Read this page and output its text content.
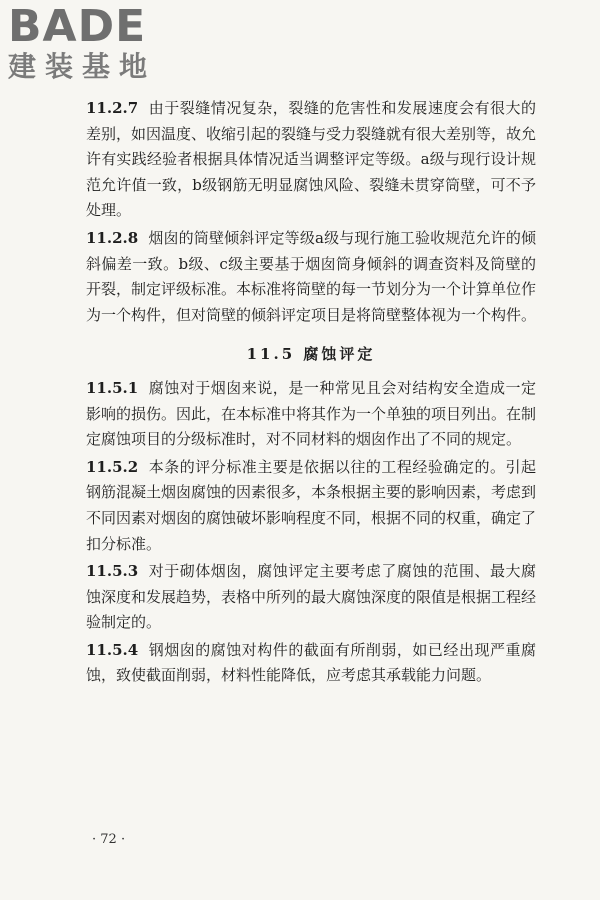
BADE
建装基地

11.2.7 由于裂缝情况复杂，裂缝的危害性和发展速度会有很大的差别，如因温度、收缩引起的裂缝与受力裂缝就有很大差别等，故允许有实践经验者根据具体情况适当调整评定等级。a级与现行设计规范允许值一致，b级钢筋无明显腐蚀风险、裂缝未贯穿筒壁，可不予处理。

11.2.8 烟囱的筒壁倾斜评定等级a级与现行施工验收规范允许的倾斜偏差一致。b级、c级主要基于烟囱筒身倾斜的调查资料及筒壁的开裂，制定评级标准。本标准将筒壁的每一节划分为一个计算单位作为一个构件，但对筒壁的倾斜评定项目是将筒壁整体视为一个构件。

11.5 腐蚀评定

11.5.1 腐蚀对于烟囱来说，是一种常见且会对结构安全造成一定影响的损伤。因此，在本标准中将其作为一个单独的项目列出。在制定腐蚀项目的分级标准时，对不同材料的烟囱作出了不同的规定。

11.5.2 本条的评分标准主要是依据以往的工程经验确定的。引起钢筋混凝土烟囱腐蚀的因素很多，本条根据主要的影响因素，考虑到不同因素对烟囱的腐蚀破坏影响程度不同，根据不同的权重，确定了扣分标准。

11.5.3 对于砌体烟囱，腐蚀评定主要考虑了腐蚀的范围、最大腐蚀深度和发展趋势，表格中所列的最大腐蚀深度的限值是根据工程经验制定的。

11.5.4 钢烟囱的腐蚀对构件的截面有所削弱，如已经出现严重腐蚀，致使截面削弱，材料性能降低，应考虑其承载能力问题。

· 72 ·
